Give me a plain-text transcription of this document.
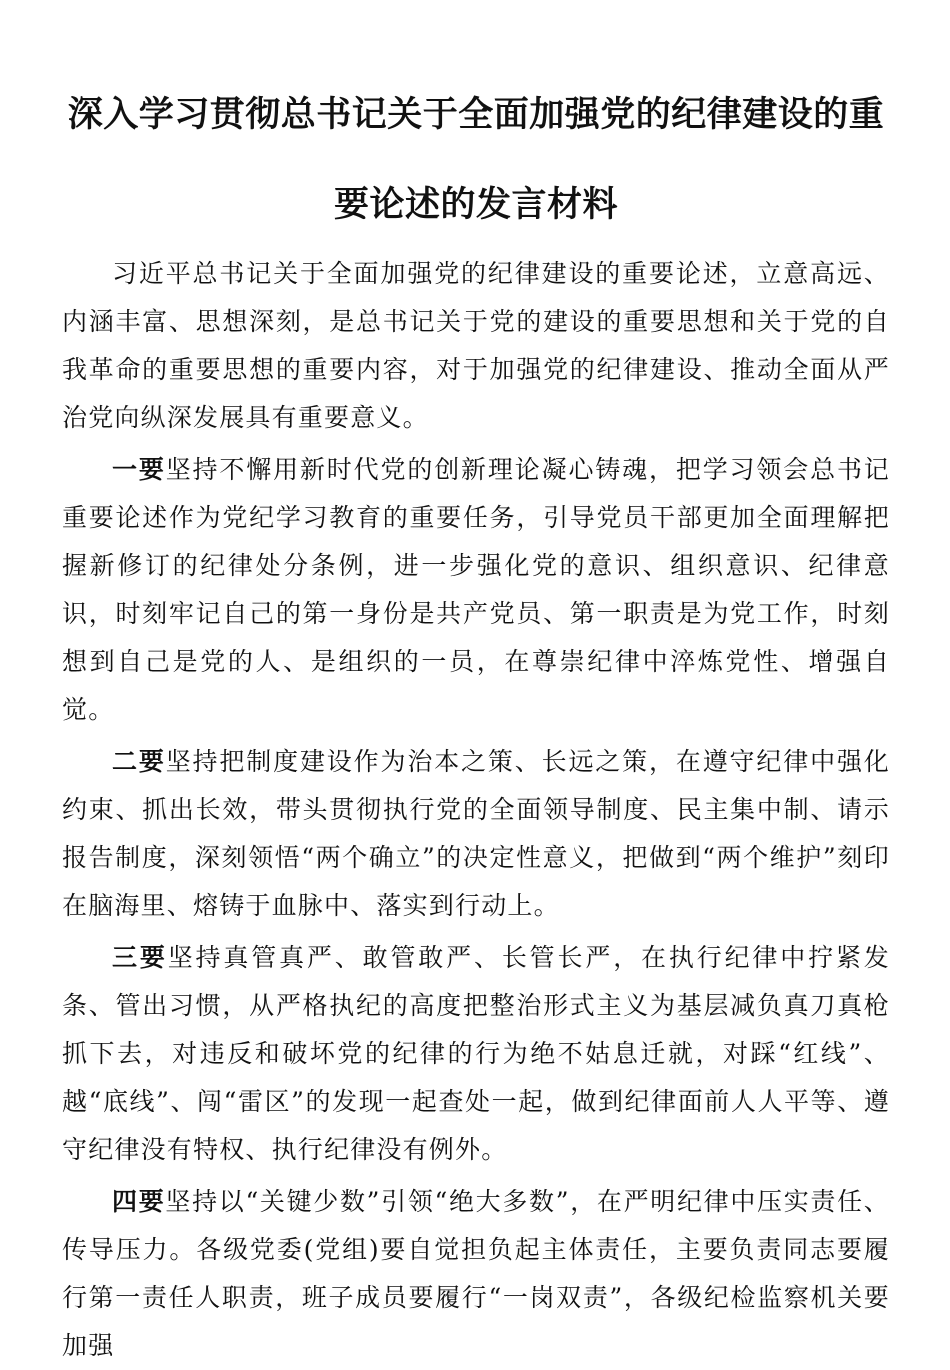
深入学习贯彻总书记关于全面加强党的纪律建设的重
要论述的发言材料

习近平总书记关于全面加强党的纪律建设的重要论述，立意高远、内涵丰富、思想深刻，是总书记关于党的建设的重要思想和关于党的自我革命的重要思想的重要内容，对于加强党的纪律建设、推动全面从严治党向纵深发展具有重要意义。

一要坚持不懈用新时代党的创新理论凝心铸魂，把学习领会总书记重要论述作为党纪学习教育的重要任务，引导党员干部更加全面理解把握新修订的纪律处分条例，进一步强化党的意识、组织意识、纪律意识，时刻牢记自己的第一身份是共产党员、第一职责是为党工作，时刻想到自己是党的人、是组织的一员，在尊崇纪律中淬炼党性、增强自觉。

二要坚持把制度建设作为治本之策、长远之策，在遵守纪律中强化约束、抓出长效，带头贯彻执行党的全面领导制度、民主集中制、请示报告制度，深刻领悟“两个确立”的决定性意义，把做到“两个维护”刻印在脑海里、熔铸于血脉中、落实到行动上。

三要坚持真管真严、敢管敢严、长管长严，在执行纪律中拧紧发条、管出习惯，从严格执纪的高度把整治形式主义为基层减负真刀真枪抓下去，对违反和破坏党的纪律的行为绝不姑息迁就，对踩“红线”、越“底线”、闯“雷区”的发现一起查处一起，做到纪律面前人人平等、遵守纪律没有特权、执行纪律没有例外。

四要坚持以“关键少数”引领“绝大多数”，在严明纪律中压实责任、传导压力。各级党委(党组)要自觉担负起主体责任，主要负责同志要履行第一责任人职责，班子成员要履行“一岗双责”，各级纪检监察机关要加强
